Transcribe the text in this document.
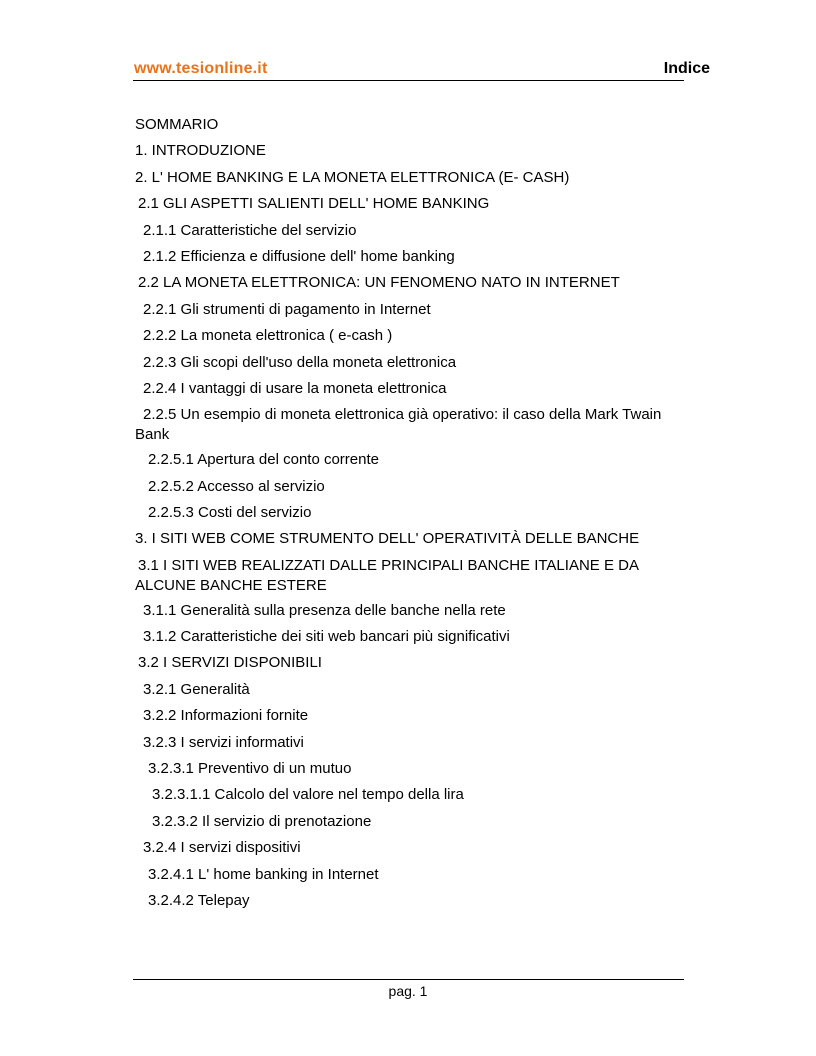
www.tesionline.it	Indice
SOMMARIO
1. INTRODUZIONE
2. L' HOME BANKING E LA MONETA ELETTRONICA (E- CASH)
2.1 GLI ASPETTI SALIENTI DELL' HOME BANKING
2.1.1 Caratteristiche del servizio
2.1.2 Efficienza e diffusione dell' home banking
2.2 LA MONETA ELETTRONICA: UN FENOMENO NATO IN INTERNET
2.2.1 Gli strumenti di pagamento in Internet
2.2.2 La moneta elettronica ( e-cash )
2.2.3 Gli scopi dell'uso della moneta elettronica
2.2.4 I vantaggi di usare la moneta elettronica
2.2.5 Un esempio di moneta elettronica già operativo: il caso della Mark Twain Bank
2.2.5.1 Apertura del conto corrente
2.2.5.2 Accesso al servizio
2.2.5.3 Costi del servizio
3. I SITI WEB COME STRUMENTO DELL' OPERATIVITÀ DELLE BANCHE
3.1 I SITI WEB REALIZZATI DALLE PRINCIPALI BANCHE ITALIANE E DA ALCUNE BANCHE ESTERE
3.1.1 Generalità sulla presenza delle banche nella rete
3.1.2 Caratteristiche dei siti web bancari più significativi
3.2 I SERVIZI DISPONIBILI
3.2.1 Generalità
3.2.2 Informazioni fornite
3.2.3 I servizi informativi
3.2.3.1 Preventivo di un mutuo
3.2.3.1.1 Calcolo del valore nel tempo della lira
3.2.3.2 Il servizio di prenotazione
3.2.4 I servizi dispositivi
3.2.4.1 L' home banking in Internet
3.2.4.2 Telepay
pag. 1
